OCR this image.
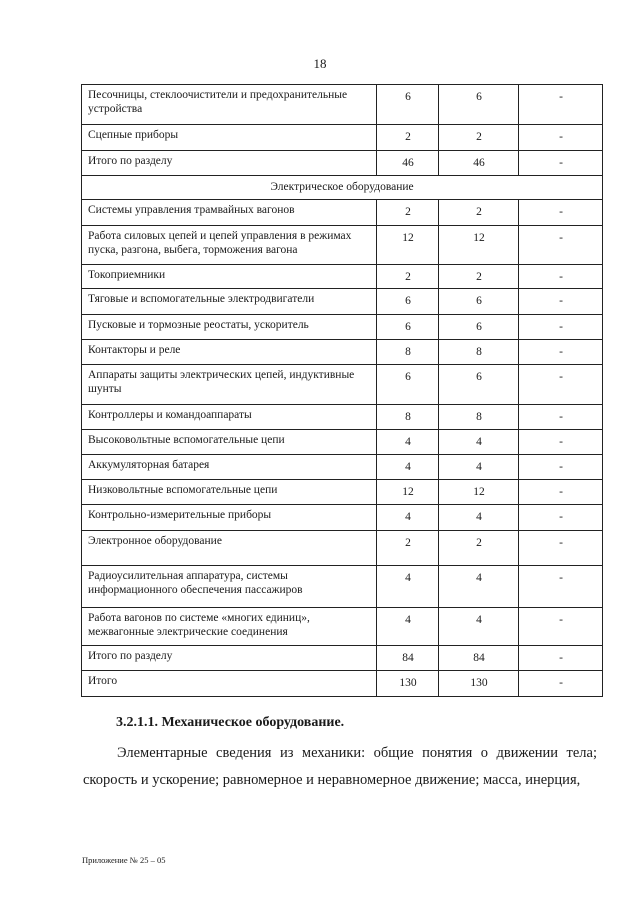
18
Песочницы, стеклоочистители и предохранительные устройства	6	6	-
Сцепные приборы	2	2	-
Итого по разделу	46	46	-
Электрическое оборудование			
Системы управления трамвайных вагонов	2	2	-
Работа силовых цепей и цепей управления в режимах пуска, разгона, выбега, торможения вагона	12	12	-
Токоприемники	2	2	-
Тяговые и вспомогательные электродвигатели	6	6	-
Пусковые и тормозные реостаты, ускоритель	6	6	-
Контакторы и реле	8	8	-
Аппараты защиты электрических цепей, индуктивные шунты	6	6	-
Контроллеры и командоаппараты	8	8	-
Высоковольтные вспомогательные цепи	4	4	-
Аккумуляторная батарея	4	4	-
Низковольтные вспомогательные цепи	12	12	-
Контрольно-измерительные приборы	4	4	-
Электронное оборудование	2	2	-
Радиоусилительная аппаратура, системы информационного обеспечения пассажиров	4	4	-
Работа вагонов по системе «многих единиц», межвагонные электрические соединения	4	4	-
Итого по разделу	84	84	-
Итого	130	130	-
3.2.1.1. Механическое оборудование.

Элементарные сведения из механики: общие понятия о движении тела; скорость и ускорение; равномерное и неравномерное движение; масса, инерция,

Приложение № 25 – 05
